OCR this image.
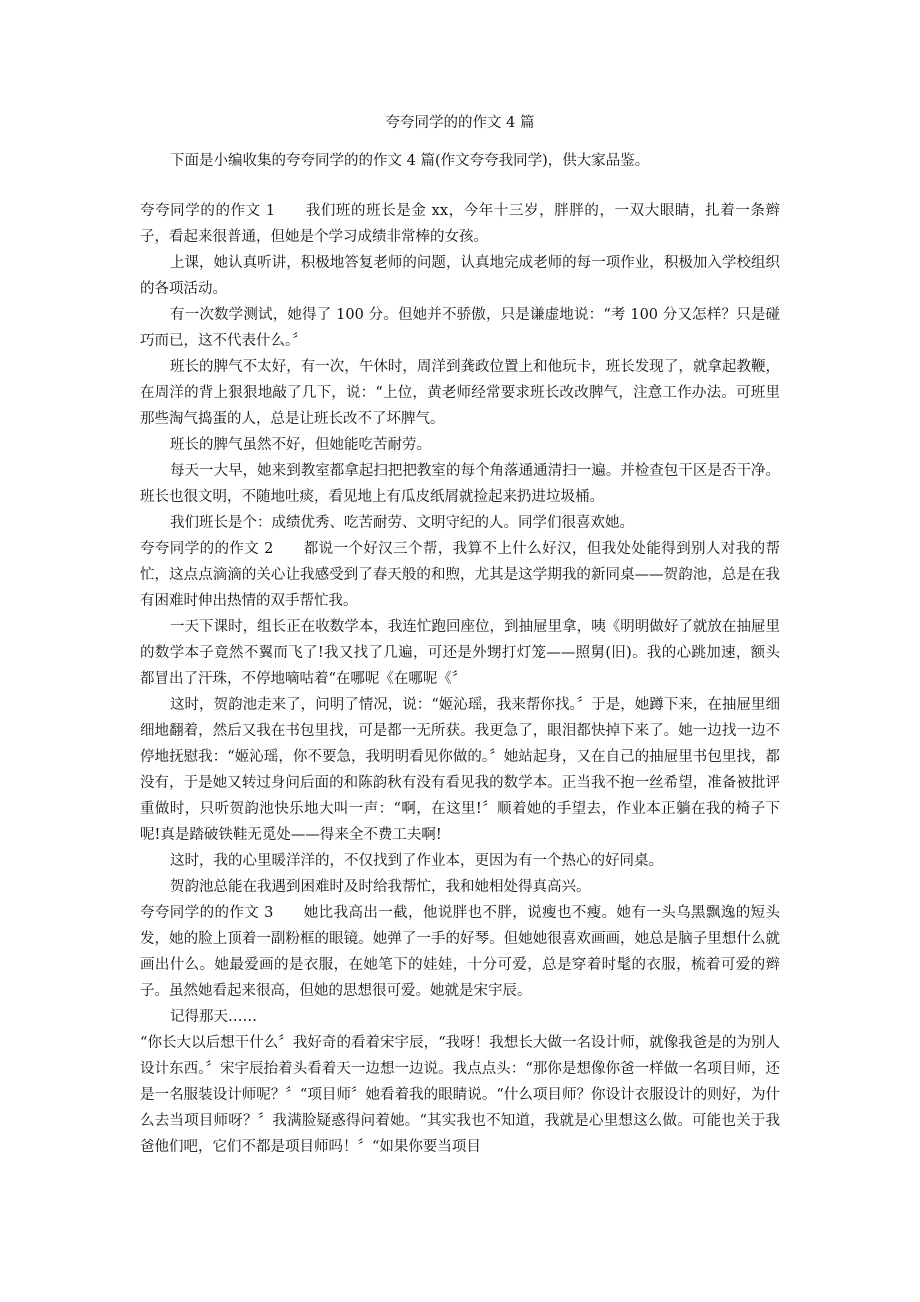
夸夸同学的的作文 4 篇

下面是小编收集的夸夸同学的的作文 4 篇(作文夸夸我同学)，供大家品鉴。

夸夸同学的的作文 1 我们班的班长是金 xx，今年十三岁，胖胖的，一双大眼睛，扎着一条辫子，看起来很普通，但她是个学习成绩非常棒的女孩。

上课，她认真听讲，积极地答复老师的问题，认真地完成老师的每一项作业，积极加入学校组织的各项活动。

有一次数学测试，她得了 100 分。但她并不骄傲，只是谦虚地说：“考 100 分又怎样？只是碰巧而已，这不代表什么。〞

班长的脾气不太好，有一次，午休时，周洋到龚政位置上和他玩卡，班长发现了，就拿起教鞭，在周洋的背上狠狠地敲了几下，说：“上位，黄老师经常要求班长改改脾气，注意工作办法。可班里那些淘气捣蛋的人，总是让班长改不了坏脾气。

班长的脾气虽然不好，但她能吃苦耐劳。

每天一大早，她来到教室都拿起扫把把教室的每个角落通通清扫一遍。并检查包干区是否干净。班长也很文明，不随地吐痰，看见地上有瓜皮纸屑就捡起来扔进垃圾桶。

我们班长是个：成绩优秀、吃苦耐劳、文明守纪的人。同学们很喜欢她。

夸夸同学的的作文 2 都说一个好汉三个帮，我算不上什么好汉，但我处处能得到别人对我的帮忙，这点点滴滴的关心让我感受到了春天般的和煦，尤其是这学期我的新同桌——贺韵池，总是在我有困难时伸出热情的双手帮忙我。

一天下课时，组长正在收数学本，我连忙跑回座位，到抽屉里拿，咦《明明做好了就放在抽屉里的数学本子竟然不翼而飞了!我又找了几遍，可还是外甥打灯笼——照舅(旧)。我的心跳加速，额头都冒出了汗珠，不停地嘀咕着“在哪呢《在哪呢《〞

这时，贺韵池走来了，问明了情况，说：“姬沁瑶，我来帮你找。〞于是，她蹲下来，在抽屉里细细地翻着，然后又我在书包里找，可是都一无所获。我更急了，眼泪都快掉下来了。她一边找一边不停地抚慰我：“姬沁瑶，你不要急，我明明看见你做的。〞她站起身，又在自己的抽屉里书包里找，都没有，于是她又转过身问后面的和陈韵秋有没有看见我的数学本。正当我不抱一丝希望，准备被批评重做时，只听贺韵池快乐地大叫一声：“啊，在这里!〞顺着她的手望去，作业本正躺在我的椅子下呢!真是踏破铁鞋无觅处——得来全不费工夫啊!

这时，我的心里暖洋洋的，不仅找到了作业本，更因为有一个热心的好同桌。

贺韵池总能在我遇到困难时及时给我帮忙，我和她相处得真高兴。

夸夸同学的的作文 3 她比我高出一截，他说胖也不胖，说瘦也不瘦。她有一头乌黑飘逸的短头发，她的脸上顶着一副粉框的眼镜。她弹了一手的好琴。但她她很喜欢画画，她总是脑子里想什么就画出什么。她最爱画的是衣服，在她笔下的娃娃，十分可爱，总是穿着时髦的衣服，梳着可爱的辫子。虽然她看起来很高，但她的思想很可爱。她就是宋宇辰。

记得那天……

“你长大以后想干什么〞我好奇的看着宋宇辰，“我呀！我想长大做一名设计师，就像我爸是的为别人设计东西。〞宋宇辰抬着头看着天一边想一边说。我点点头：“那你是想像你爸一样做一名项目师，还是一名服装设计师呢？〞“项目师〞她看着我的眼睛说。“什么项目师？你设计衣服设计的则好，为什么去当项目师呀？〞我满脸疑惑得问着她。“其实我也不知道，我就是心里想这么做。可能也关于我爸他们吧，它们不都是项目师吗！〞“如果你要当项目
